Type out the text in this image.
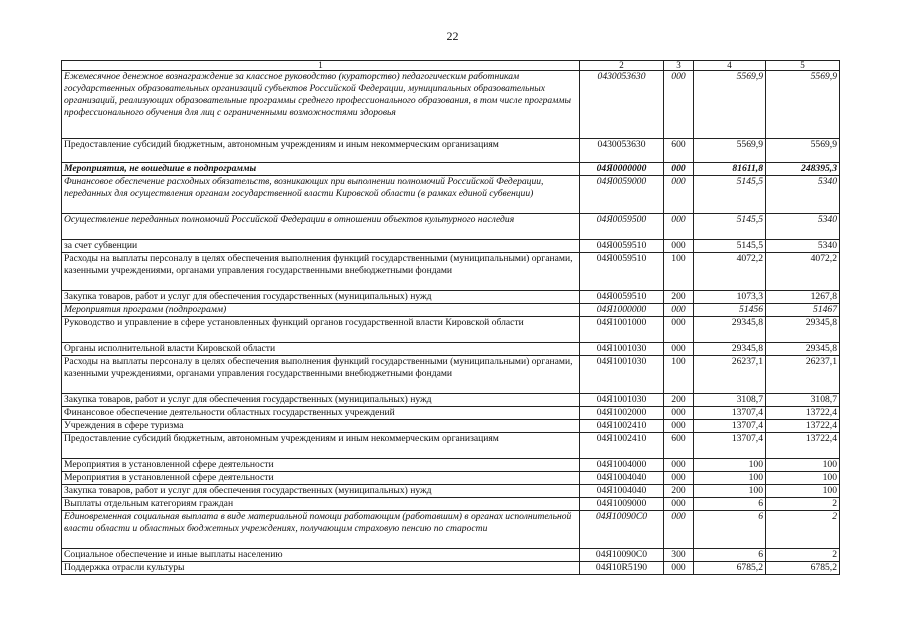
22
1	2	3	4	5
Ежемесячное денежное вознаграждение за классное руководство (кураторство) педагогическим работникам государственных образовательных организаций субъектов Российской Федерации, муниципальных образовательных организаций, реализующих образовательные программы среднего профессионального образования, в том числе программы профессионального обучения для лиц с ограниченными возможностями здоровья	0430053630	000	5569,9	5569,9
Предоставление субсидий бюджетным, автономным учреждениям и иным некоммерческим организациям	0430053630	600	5569,9	5569,9
Мероприятия, не вошедшие в подпрограммы	04Я0000000	000	81611,8	248395,3
Финансовое обеспечение расходных обязательств, возникающих при выполнении полномочий Российской Федерации, переданных для осуществления органам государственной власти Кировской области (в рамках единой субвенции)	04Я0059000	000	5145,5	5340
Осуществление переданных полномочий Российской Федерации в отношении объектов культурного наследия	04Я0059500	000	5145,5	5340
за счет субвенции	04Я0059510	000	5145,5	5340
Расходы на выплаты персоналу в целях обеспечения выполнения функций государственными (муниципальными) органами, казенными учреждениями, органами управления государственными внебюджетными фондами	04Я0059510	100	4072,2	4072,2
Закупка товаров, работ и услуг для обеспечения государственных (муниципальных) нужд	04Я0059510	200	1073,3	1267,8
Мероприятия программ (подпрограмм)	04Я1000000	000	51456	51467
Руководство и управление в сфере установленных функций органов государственной власти Кировской области	04Я1001000	000	29345,8	29345,8
Органы исполнительной власти Кировской области	04Я1001030	000	29345,8	29345,8
Расходы на выплаты персоналу в целях обеспечения выполнения функций государственными (муниципальными) органами, казенными учреждениями, органами управления государственными внебюджетными фондами	04Я1001030	100	26237,1	26237,1
Закупка товаров, работ и услуг для обеспечения государственных (муниципальных) нужд	04Я1001030	200	3108,7	3108,7
Финансовое обеспечение деятельности областных государственных учреждений	04Я1002000	000	13707,4	13722,4
Учреждения в сфере туризма	04Я1002410	000	13707,4	13722,4
Предоставление субсидий бюджетным, автономным учреждениям и иным некоммерческим организациям	04Я1002410	600	13707,4	13722,4
Мероприятия в установленной сфере деятельности	04Я1004000	000	100	100
Мероприятия в установленной сфере деятельности	04Я1004040	000	100	100
Закупка товаров, работ и услуг для обеспечения государственных (муниципальных) нужд	04Я1004040	200	100	100
Выплаты отдельным категориям граждан	04Я1009000	000	6	2
Единовременная социальная выплата в виде материальной помощи работающим (работавшим) в органах исполнительной власти области и областных бюджетных учреждениях, получающим страховую пенсию по старости	04Я10090С0	000	6	2
Социальное обеспечение и иные выплаты населению	04Я10090С0	300	6	2
Поддержка отрасли культуры	04Я10R5190	000	6785,2	6785,2
